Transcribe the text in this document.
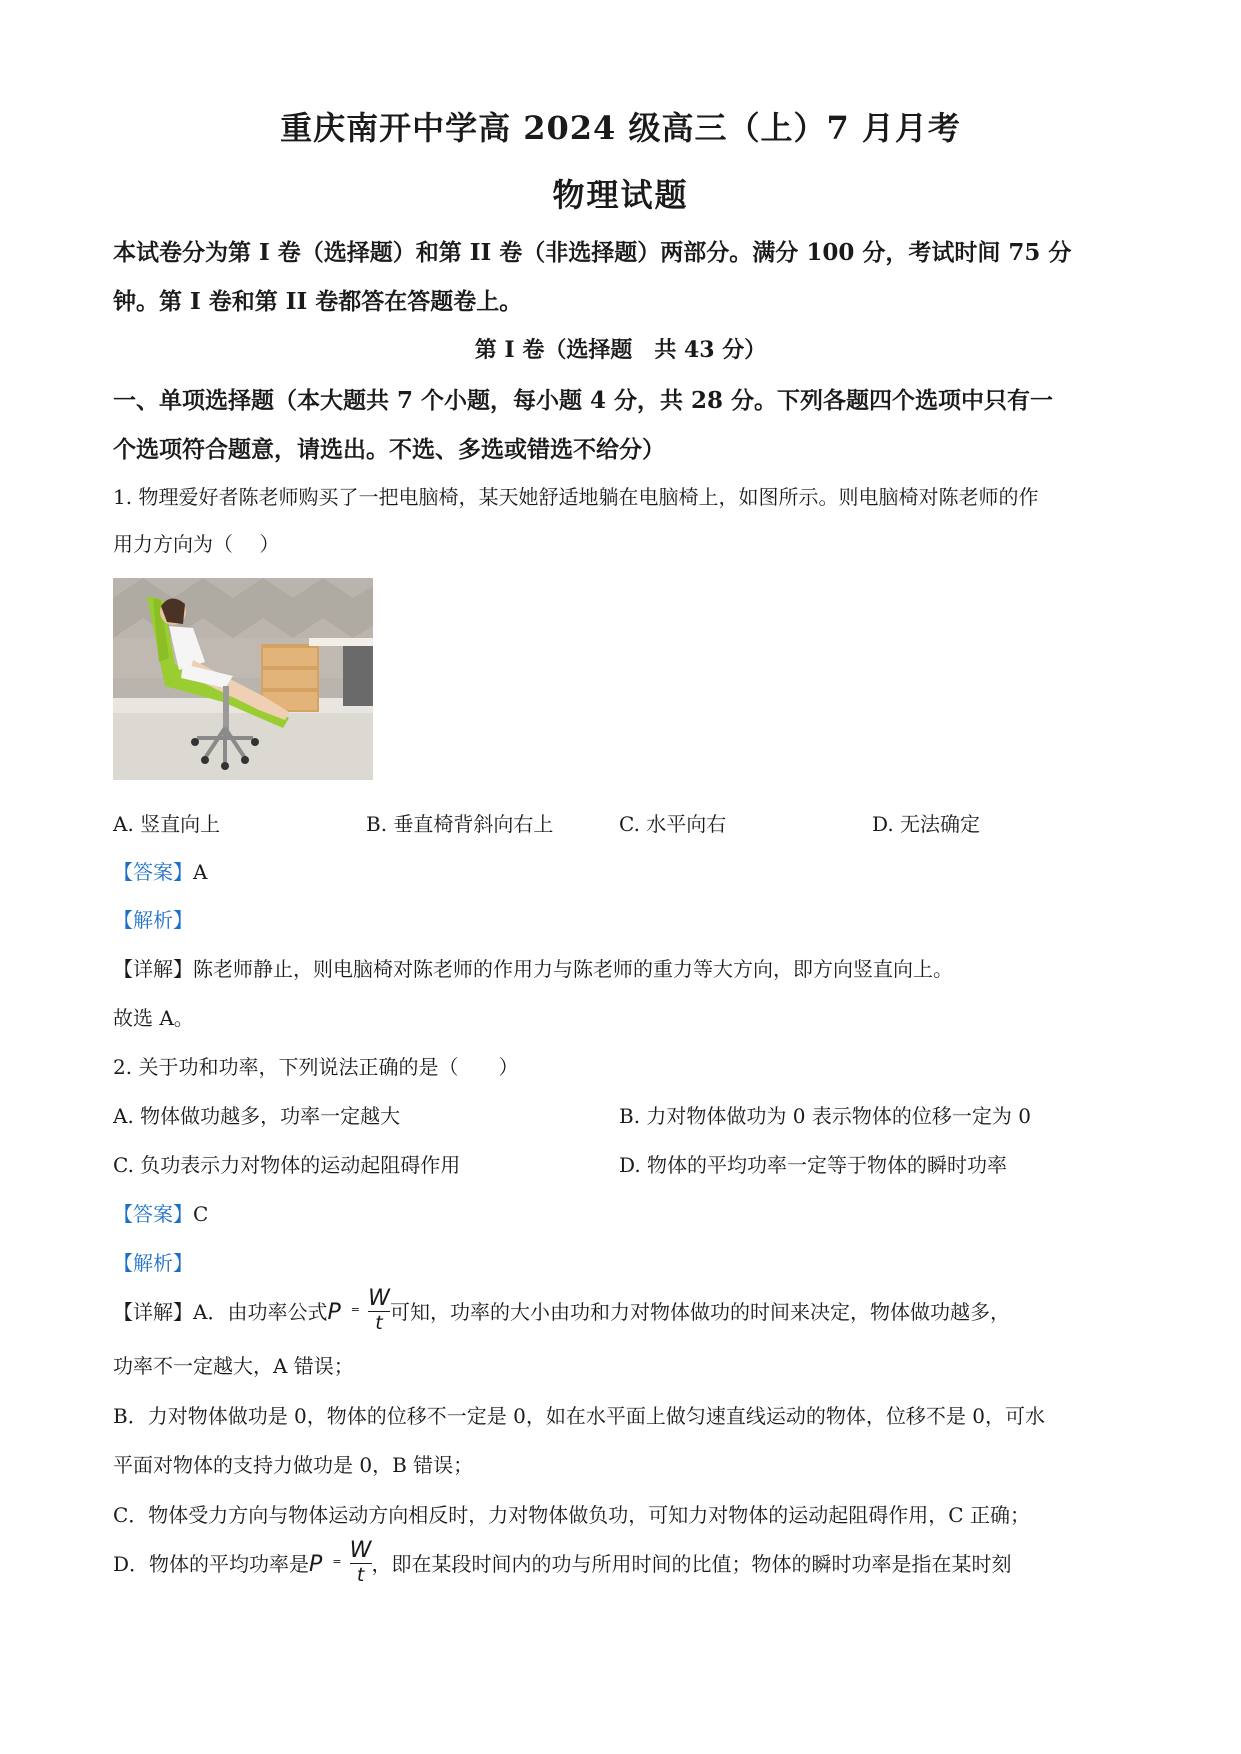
重庆南开中学高 2024 级高三（上）7 月月考
物理试题
本试卷分为第 I 卷（选择题）和第 II 卷（非选择题）两部分。满分 100 分，考试时间 75 分
钟。第 I 卷和第 II 卷都答在答题卷上。
第 I 卷（选择题　共 43 分）
一、单项选择题（本大题共 7 个小题，每小题 4 分，共 28 分。下列各题四个选项中只有一
个选项符合题意，请选出。不选、多选或错选不给分）
1. 物理爱好者陈老师购买了一把电脑椅，某天她舒适地躺在电脑椅上，如图所示。则电脑椅对陈老师的作
用力方向为（　 ）
A. 竖直向上	B. 垂直椅背斜向右上	C. 水平向右	D. 无法确定
【答案】A
【解析】
【详解】陈老师静止，则电脑椅对陈老师的作用力与陈老师的重力等大方向，即方向竖直向上。
故选 A。
2. 关于功和功率，下列说法正确的是（　　）
A. 物体做功越多，功率一定越大	B. 力对物体做功为 0 表示物体的位移一定为 0
C. 负功表示力对物体的运动起阻碍作用	D. 物体的平均功率一定等于物体的瞬时功率
【答案】C
【解析】
【详解】A．由功率公式P $^= \frac{W}{t}$ 可知，功率的大小由功和力对物体做功的时间来决定，物体做功越多，
功率不一定越大，A 错误；
B．力对物体做功是 0，物体的位移不一定是 0，如在水平面上做匀速直线运动的物体，位移不是 0，可水
平面对物体的支持力做功是 0，B 错误；
C．物体受力方向与物体运动方向相反时，力对物体做负功，可知力对物体的运动起阻碍作用，C 正确；
D．物体的平均功率是P $^= \frac{W}{t}$ ，即在某段时间内的功与所用时间的比值；物体的瞬时功率是指在某时刻
